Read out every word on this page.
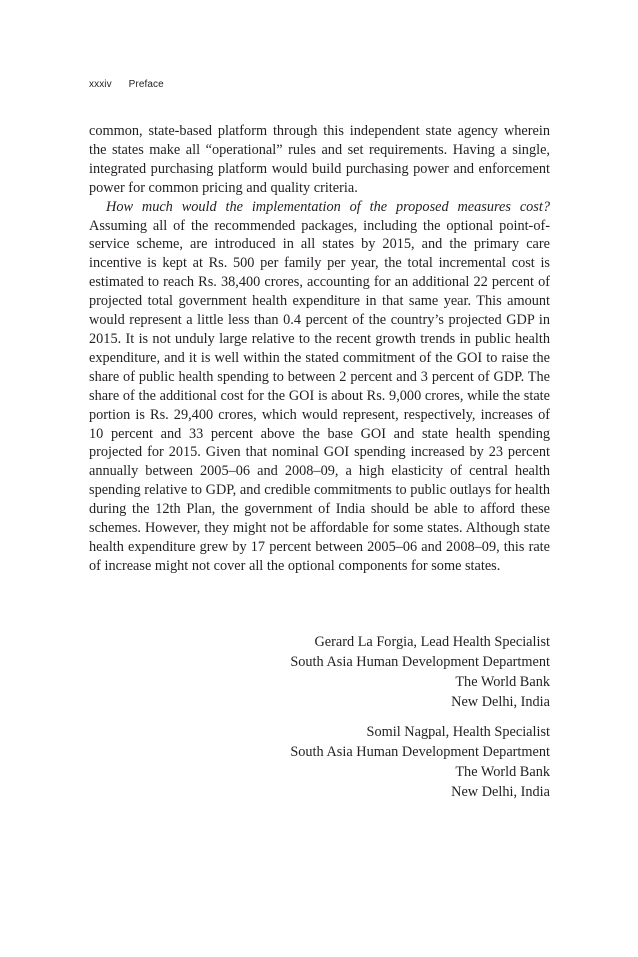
xxxiv Preface

common, state-based platform through this independent state agency wherein the states make all “operational” rules and set requirements. Having a single, integrated purchasing platform would build purchasing power and enforcement power for common pricing and quality criteria.

How much would the implementation of the proposed measures cost? Assuming all of the recommended packages, including the optional point-of-service scheme, are introduced in all states by 2015, and the primary care incentive is kept at Rs. 500 per family per year, the total incremental cost is estimated to reach Rs. 38,400 crores, accounting for an additional 22 percent of projected total government health expenditure in that same year. This amount would represent a little less than 0.4 percent of the country’s projected GDP in 2015. It is not unduly large relative to the recent growth trends in public health expenditure, and it is well within the stated commitment of the GOI to raise the share of public health spending to between 2 percent and 3 percent of GDP. The share of the additional cost for the GOI is about Rs. 9,000 crores, while the state portion is Rs. 29,400 crores, which would represent, respectively, increases of 10 percent and 33 percent above the base GOI and state health spending projected for 2015. Given that nominal GOI spending increased by 23 percent annually between 2005–06 and 2008–09, a high elasticity of central health spending relative to GDP, and credible commitments to public outlays for health during the 12th Plan, the government of India should be able to afford these schemes. However, they might not be affordable for some states. Although state health expenditure grew by 17 percent between 2005–06 and 2008–09, this rate of increase might not cover all the optional components for some states.

Gerard La Forgia, Lead Health Specialist
South Asia Human Development Department
The World Bank
New Delhi, India
Somil Nagpal, Health Specialist
South Asia Human Development Department
The World Bank
New Delhi, India
